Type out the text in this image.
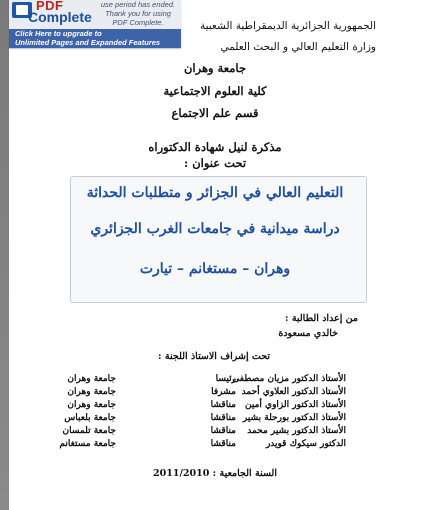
PDF
Complete
use period has ended. Thank you for using PDF Complete.
Click Here to upgrade to
Unlimited Pages and Expanded Features
الجمهورية الجزائرية الديمقراطية الشعبية
وزارة التعليم العالي و البحث العلمي
جامعة وهران
كلية العلوم الاجتماعية
قسم علم الاجتماع
مذكرة لنيل شهادة الدكتوراه
تحت عنوان :
التعليم العالي في الجزائر و متطلبات الحداثة
دراسة ميدانية في جامعات الغرب الجزائري
وهران – مستغانم – تيارت
من إعداد الطالبة :
خالدي مسعودة
تحت إشراف الاستاذ اللجنة :
الأستاذ الدكتور مزيان مصطفى
رئيسا
جامعة وهران
الأستاذ الدكتور العلاوي أحمد
مشرفا
جامعة وهران
الأستاذ الدكتور الزاوي أمين
مناقشا
جامعة وهران
الأستاذ الدكتور بورحلة بشير
مناقشا
جامعة بلعباس
الأستاذ الدكتور بشير محمد
مناقشا
جامعة تلمسان
الدكتور سيكوك قويدر
مناقشا
جامعة مستغانم
السنة الجامعية : 2011/2010
